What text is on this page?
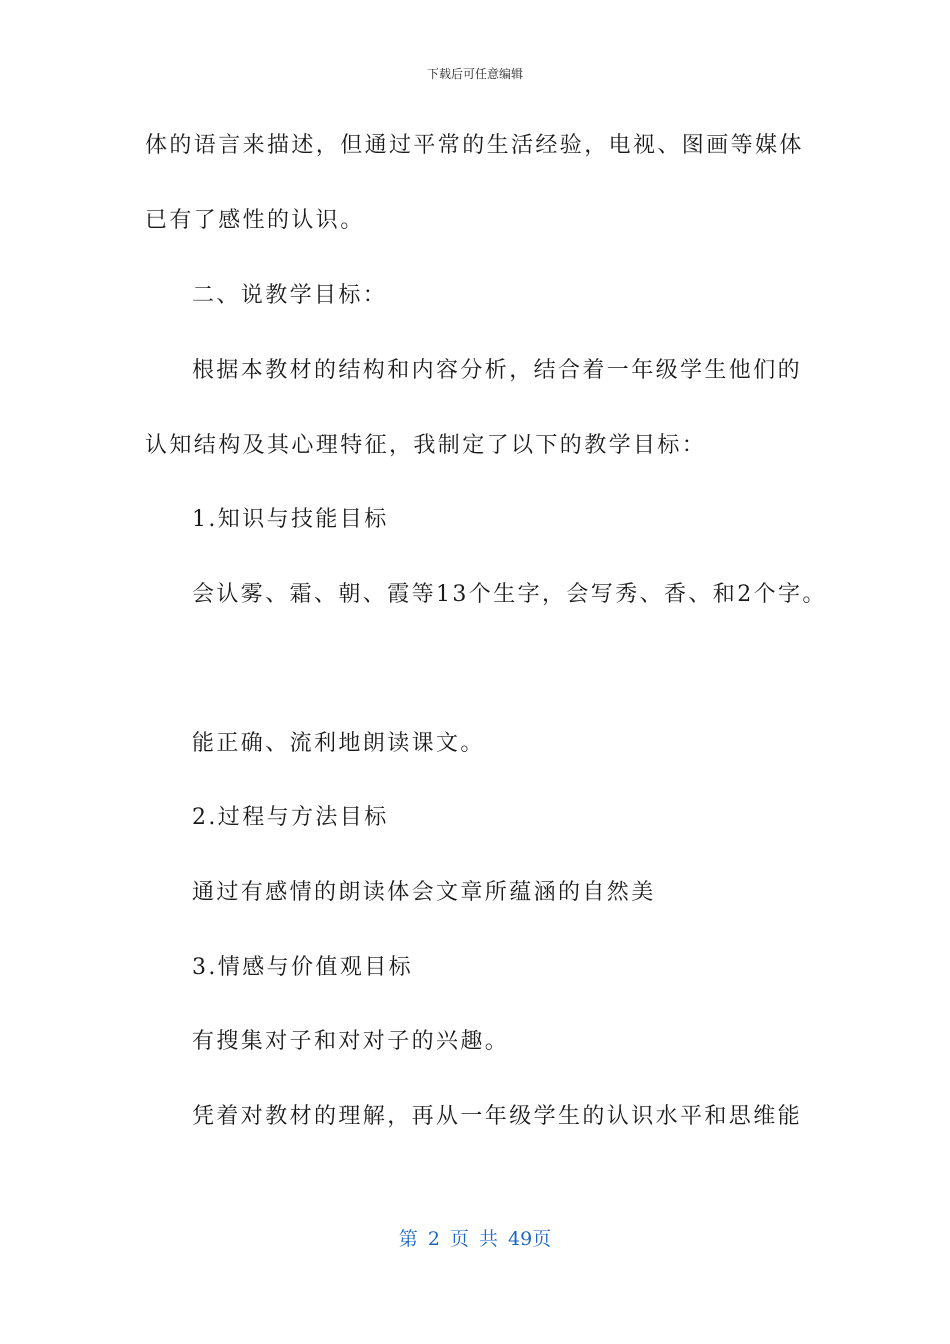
下载后可任意编辑
体的语言来描述，但通过平常的生活经验，电视、图画等媒体
已有了感性的认识。
二、说教学目标：
根据本教材的结构和内容分析，结合着一年级学生他们的
认知结构及其心理特征，我制定了以下的教学目标：
1.知识与技能目标
会认雾、霜、朝、霞等13个生字，会写秀、香、和2个字。
能正确、流利地朗读课文。
2.过程与方法目标
通过有感情的朗读体会文章所蕴涵的自然美
3.情感与价值观目标
有搜集对子和对对子的兴趣。
凭着对教材的理解，再从一年级学生的认识水平和思维能
第 2 页 共 49页
